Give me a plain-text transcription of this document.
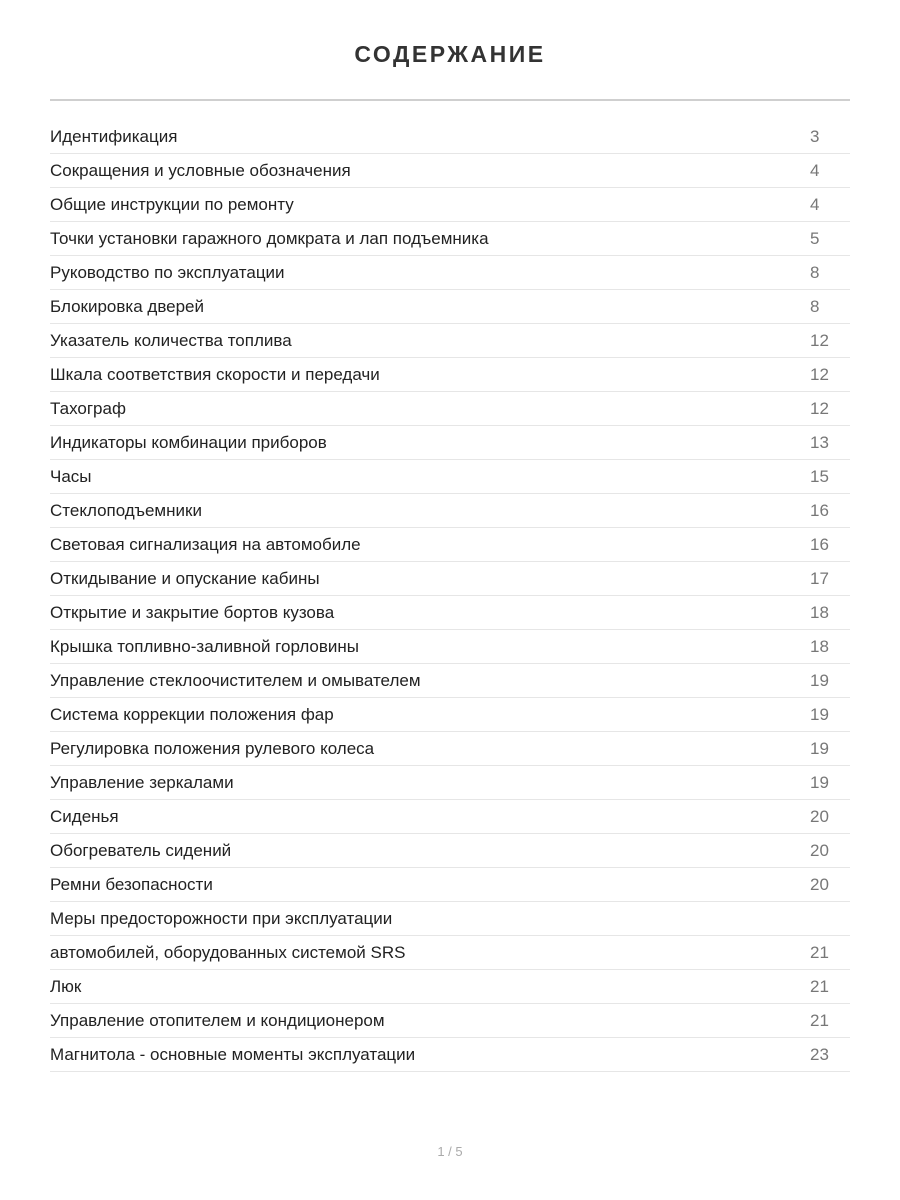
СОДЕРЖАНИЕ
Идентификация	3
Сокращения и условные обозначения	4
Общие инструкции по ремонту	4
Точки установки гаражного домкрата и лап подъемника	5
Руководство по эксплуатации	8
Блокировка дверей	8
Указатель количества топлива	12
Шкала соответствия скорости и передачи	12
Тахограф	12
Индикаторы комбинации приборов	13
Часы	15
Стеклоподъемники	16
Световая сигнализация на автомобиле	16
Откидывание и опускание кабины	17
Открытие и закрытие бортов кузова	18
Крышка топливно-заливной горловины	18
Управление стеклоочистителем и омывателем	19
Система коррекции положения фар	19
Регулировка положения рулевого колеса	19
Управление зеркалами	19
Сиденья	20
Обогреватель сидений	20
Ремни безопасности	20
Меры предосторожности при эксплуатации
автомобилей, оборудованных системой SRS	21
Люк	21
Управление отопителем и кондиционером	21
Магнитола - основные моменты эксплуатации	23
1 / 5
